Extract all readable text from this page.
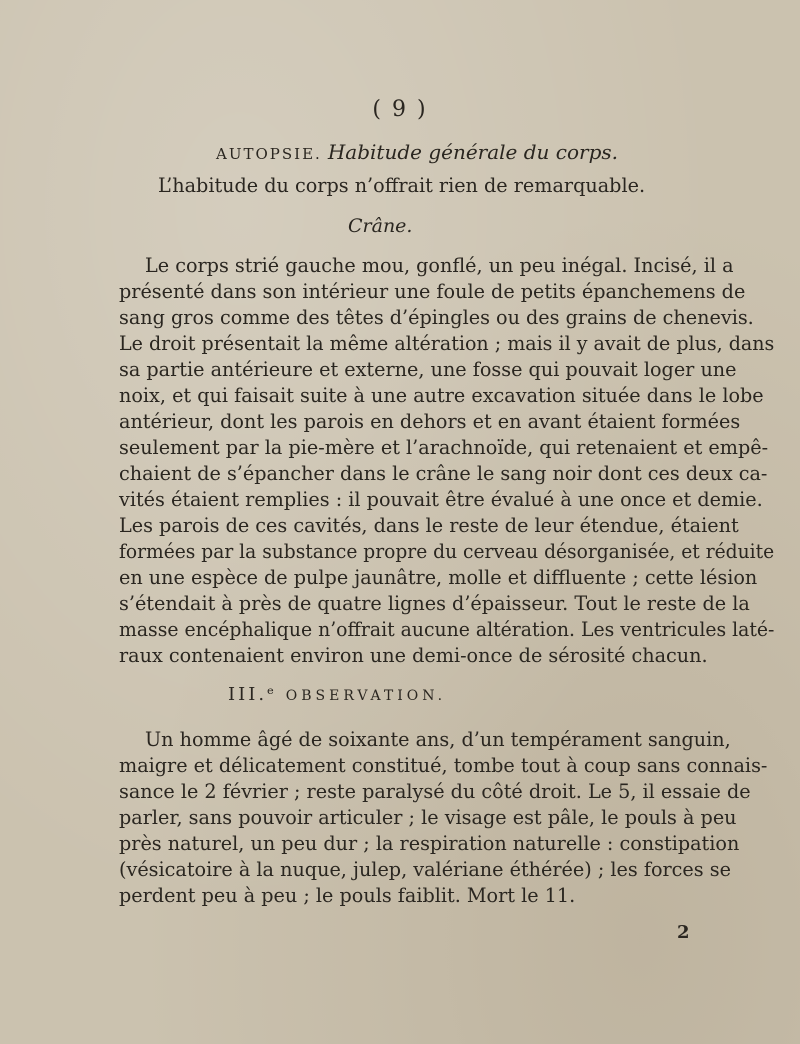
( 9 )
AUTOPSIE. Habitude générale du corps.
L’habitude du corps n’offrait rien de remarquable.
Crâne.
Le corps strié gauche mou, gonflé, un peu inégal. Incisé, il a
présenté dans son intérieur une foule de petits épanchemens de
sang gros comme des têtes d’épingles ou des grains de chenevis.
Le droit présentait la même altération ; mais il y avait de plus, dans
sa partie antérieure et externe, une fosse qui pouvait loger une
noix, et qui faisait suite à une autre excavation située dans le lobe
antérieur, dont les parois en dehors et en avant étaient formées
seulement par la pie-mère et l’arachnoïde, qui retenaient et empê-
chaient de s’épancher dans le crâne le sang noir dont ces deux ca-
vités étaient remplies : il pouvait être évalué à une once et demie.
Les parois de ces cavités, dans le reste de leur étendue, étaient
formées par la substance propre du cerveau désorganisée, et réduite
en une espèce de pulpe jaunâtre, molle et diffluente ; cette lésion
s’étendait à près de quatre lignes d’épaisseur. Tout le reste de la
masse encéphalique n’offrait aucune altération. Les ventricules laté-
raux contenaient environ une demi-once de sérosité chacun.
III.ᵉ OBSERVATION.
Un homme âgé de soixante ans, d’un tempérament sanguin,
maigre et délicatement constitué, tombe tout à coup sans connais-
sance le 2 février ; reste paralysé du côté droit. Le 5, il essaie de
parler, sans pouvoir articuler ; le visage est pâle, le pouls à peu
près naturel, un peu dur ; la respiration naturelle : constipation
(vésicatoire à la nuque, julep, valériane éthérée) ; les forces se
perdent peu à peu ; le pouls faiblit. Mort le 11.
2
